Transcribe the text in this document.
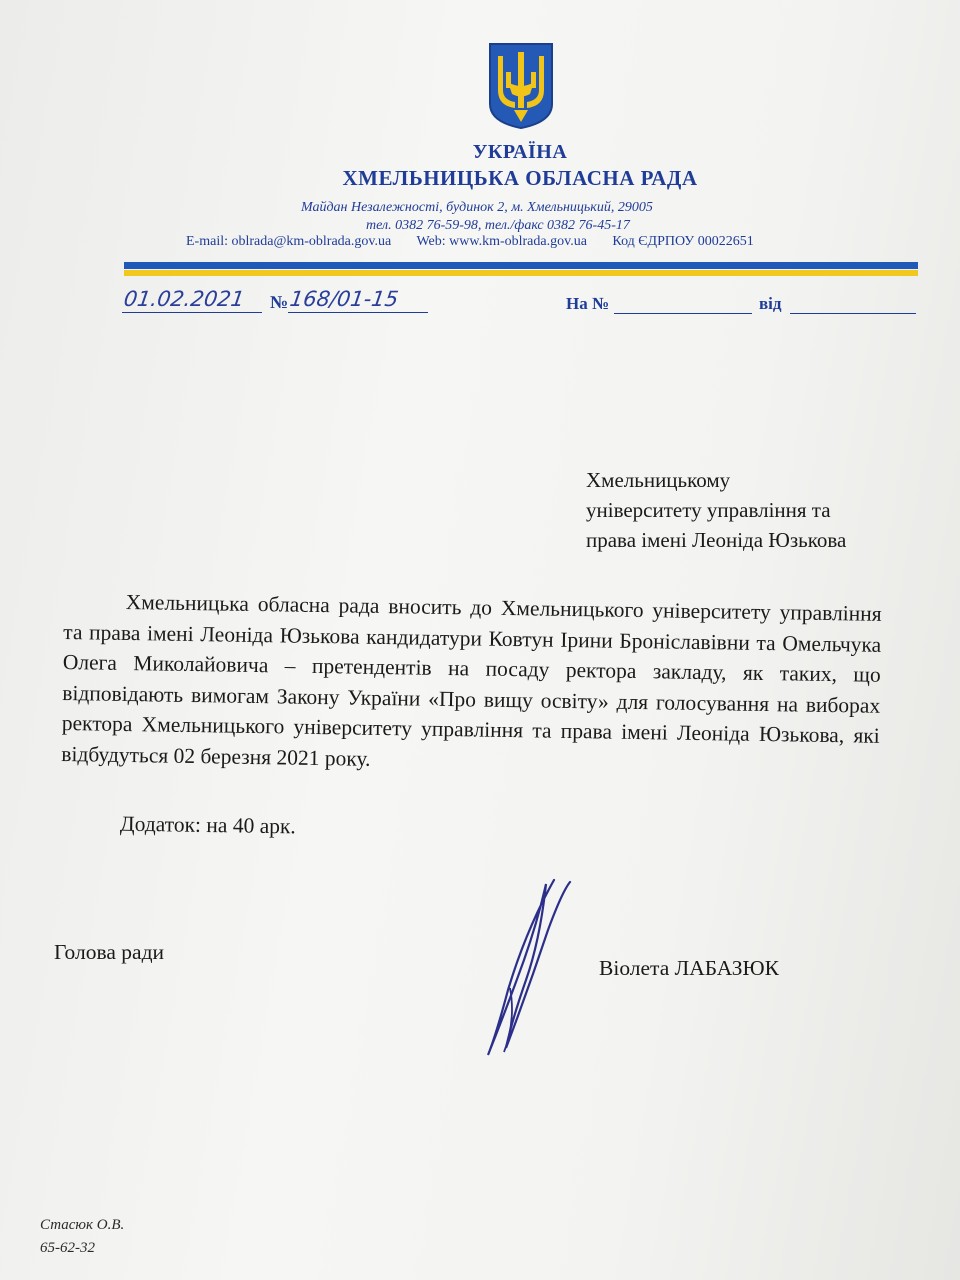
УКРАЇНА
ХМЕЛЬНИЦЬКА ОБЛАСНА РАДА
Майдан Незалежності, будинок 2, м. Хмельницький, 29005
тел. 0382 76-59-98, тел./факс 0382 76-45-17
E-mail: oblrada@km-oblrada.gov.ua Web: www.km-oblrada.gov.ua Код ЄДРПОУ 00022651
01.02.2021 № 168/01-15	На №	від
Хмельницькому
університету управління та
права імені Леоніда Юзькова

Хмельницька обласна рада вносить до Хмельницького університету управління та права імені Леоніда Юзькова кандидатури Ковтун Ірини Броніславівни та Омельчука Олега Миколайовича – претендентів на посаду ректора закладу, як таких, що відповідають вимогам Закону України «Про вищу освіту» для голосування на виборах ректора Хмельницького університету управління та права імені Леоніда Юзькова, які відбудуться 02 березня 2021 року.

Додаток: на 40 арк.
Голова ради
Віолета ЛАБАЗЮК
Стасюк О.В.
65-62-32
